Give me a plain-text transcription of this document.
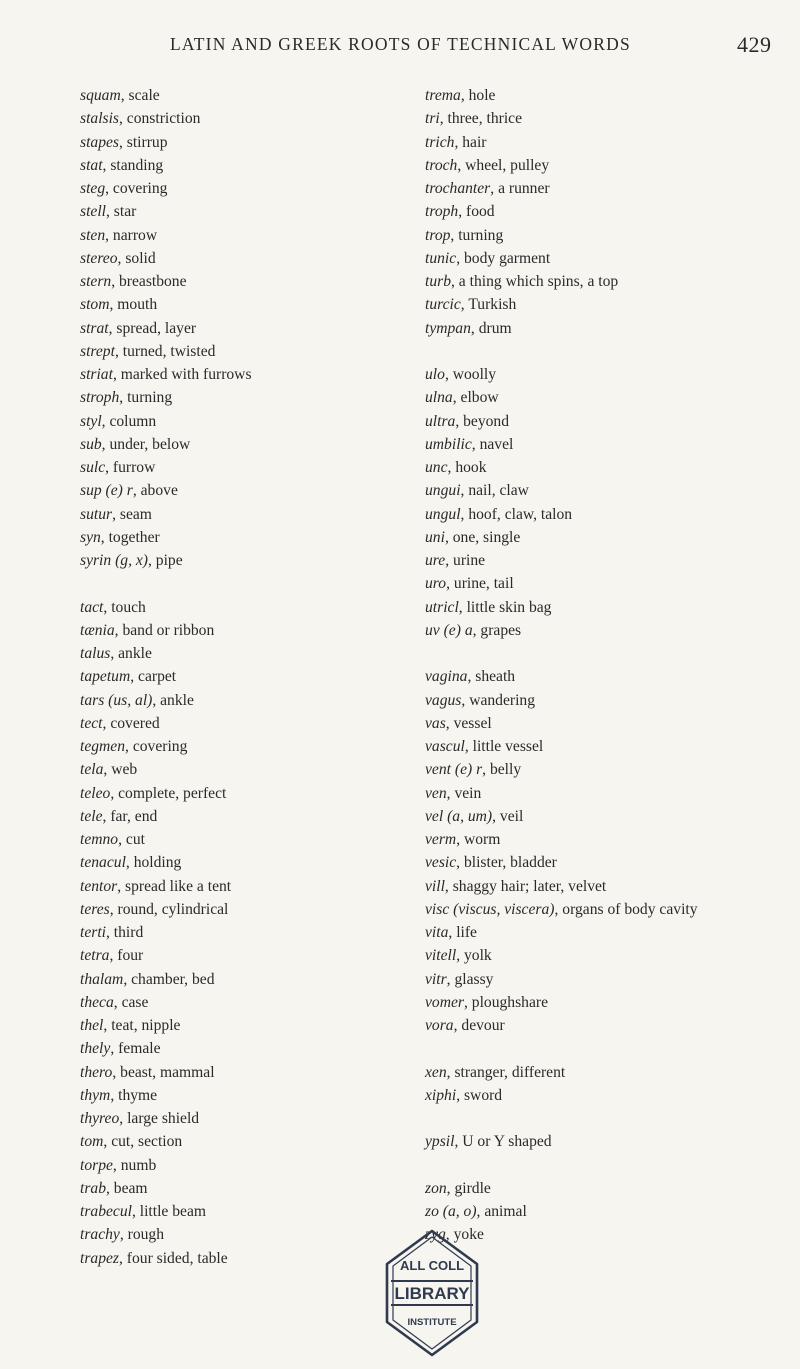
LATIN AND GREEK ROOTS OF TECHNICAL WORDS	429
squam, scale
stalsis, constriction
stapes, stirrup
stat, standing
steg, covering
stell, star
sten, narrow
stereo, solid
stern, breastbone
stom, mouth
strat, spread, layer
strept, turned, twisted
striat, marked with furrows
stroph, turning
styl, column
sub, under, below
sulc, furrow
sup (e) r, above
sutur, seam
syn, together
syrin (g, x), pipe
tact, touch
tænia, band or ribbon
talus, ankle
tapetum, carpet
tars (us, al), ankle
tect, covered
tegmen, covering
tela, web
teleo, complete, perfect
tele, far, end
temno, cut
tenacul, holding
tentor, spread like a tent
teres, round, cylindrical
terti, third
tetra, four
thalam, chamber, bed
theca, case
thel, teat, nipple
thely, female
thero, beast, mammal
thym, thyme
thyreo, large shield
tom, cut, section
torpe, numb
trab, beam
trabecul, little beam
trachy, rough
trapez, four sided, table
trema, hole
tri, three, thrice
trich, hair
troch, wheel, pulley
trochanter, a runner
troph, food
trop, turning
tunic, body garment
turb, a thing which spins, a top
turcic, Turkish
tympan, drum
ulo, woolly
ulna, elbow
ultra, beyond
umbilic, navel
unc, hook
ungui, nail, claw
ungul, hoof, claw, talon
uni, one, single
ure, urine
uro, urine, tail
utricl, little skin bag
uv (e) a, grapes
vagina, sheath
vagus, wandering
vas, vessel
vascul, little vessel
vent (e) r, belly
ven, vein
vel (a, um), veil
verm, worm
vesic, blister, bladder
vill, shaggy hair; later, velvet
visc (viscus, viscera), organs of body cavity
vita, life
vitell, yolk
vitr, glassy
vomer, ploughshare
vora, devour
xen, stranger, different
xiphi, sword
ypsil, U or Y shaped
zon, girdle
zo (a, o), animal
zyg, yoke
ALL COLL
LIBRARY
INSTITUTE
